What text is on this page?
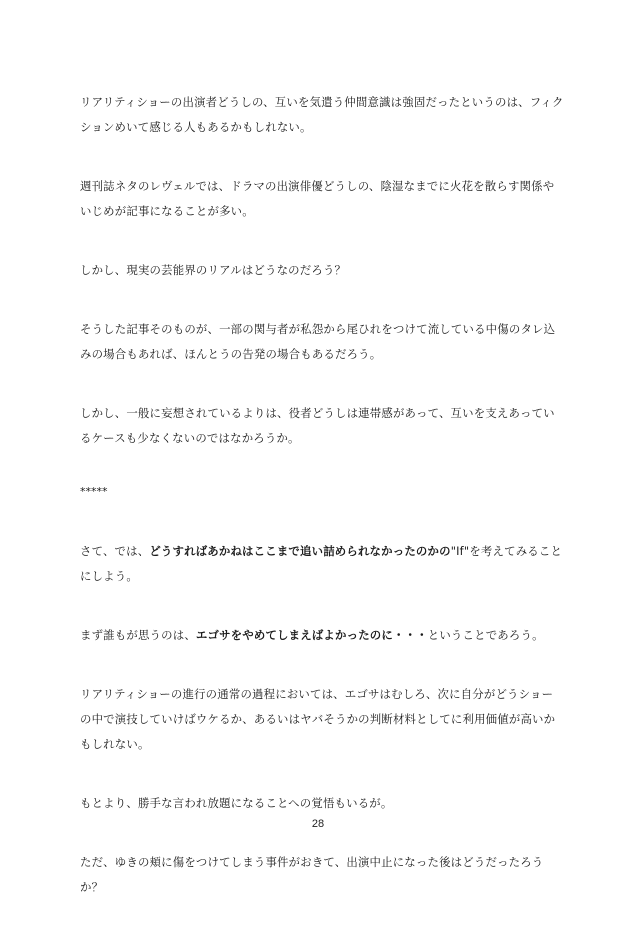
リアリティショーの出演者どうしの、互いを気遣う仲間意識は強固だったというのは、フィクションめいて感じる人もあるかもしれない。

週刊誌ネタのレヴェルでは、ドラマの出演俳優どうしの、陰湿なまでに火花を散らす関係やいじめが記事になることが多い。

しかし、現実の芸能界のリアルはどうなのだろう？

そうした記事そのものが、一部の関与者が私怨から尾ひれをつけて流している中傷のタレ込みの場合もあれば、ほんとうの告発の場合もあるだろう。

しかし、一般に妄想されているよりは、役者どうしは連帯感があって、互いを支えあっているケースも少なくないのではなかろうか。

*****

さて、では、どうすればあかねはここまで追い詰められなかったのかの"If"を考えてみることにしよう。

まず誰もが思うのは、エゴサをやめてしまえばよかったのに・・・ということであろう。

リアリティショーの進行の通常の過程においては、エゴサはむしろ、次に自分がどうショーの中で演技していけばウケるか、あるいはヤバそうかの判断材料としてに利用価値が高いかもしれない。

もとより、勝手な言われ放題になることへの覚悟もいるが。

ただ、ゆきの頬に傷をつけてしまう事件がおきて、出演中止になった後はどうだったろうか？

28
